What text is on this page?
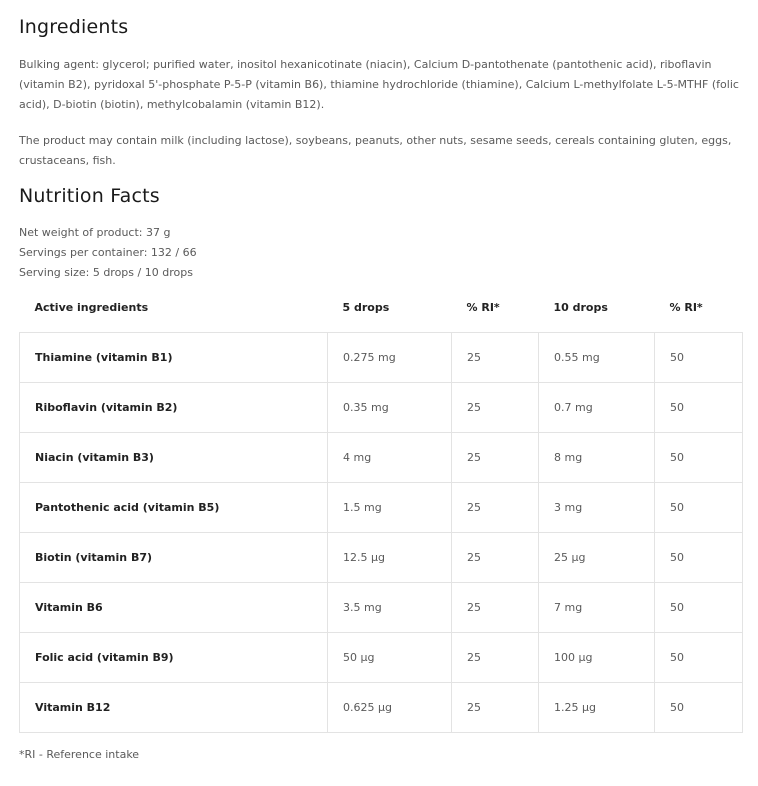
Ingredients

Bulking agent: glycerol; purified water, inositol hexanicotinate (niacin), Calcium D-pantothenate (pantothenic acid), riboflavin (vitamin B2), pyridoxal 5'-phosphate P-5-P (vitamin B6), thiamine hydrochloride (thiamine), Calcium L-methylfolate L-5-MTHF (folic acid), D-biotin (biotin), methylcobalamin (vitamin B12).

The product may contain milk (including lactose), soybeans, peanuts, other nuts, sesame seeds, cereals containing gluten, eggs, crustaceans, fish.

Nutrition Facts
Net weight of product: 37 g
Servings per container: 132 / 66
Serving size: 5 drops / 10 drops
Active ingredients	5 drops	% RI*	10 drops	% RI*
Thiamine (vitamin B1)	0.275 mg	25	0.55 mg	50
Riboflavin (vitamin B2)	0.35 mg	25	0.7 mg	50
Niacin (vitamin B3)	4 mg	25	8 mg	50
Pantothenic acid (vitamin B5)	1.5 mg	25	3 mg	50
Biotin (vitamin B7)	12.5 µg	25	25 µg	50
Vitamin B6	3.5 mg	25	7 mg	50
Folic acid (vitamin B9)	50 µg	25	100 µg	50
Vitamin B12	0.625 µg	25	1.25 µg	50
*RI - Reference intake
